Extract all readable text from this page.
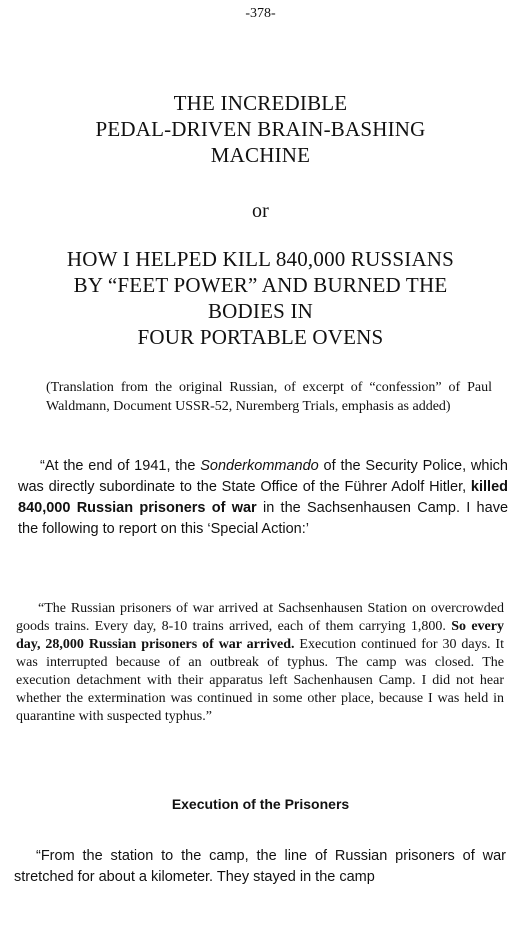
-378-
THE INCREDIBLE
PEDAL-DRIVEN BRAIN-BASHING
MACHINE
or
HOW I HELPED KILL 840,000 RUSSIANS
BY “FEET POWER” AND BURNED THE
BODIES IN
FOUR PORTABLE OVENS
(Translation from the original Russian, of excerpt of “confession” of Paul Waldmann, Document USSR-52, Nuremberg Trials, emphasis as added)
“At the end of 1941, the Sonderkommando of the Security Police, which was directly subordinate to the State Office of the Führer Adolf Hitler, killed 840,000 Russian prisoners of war in the Sachsenhausen Camp. I have the following to report on this ‘Special Action:’
“The Russian prisoners of war arrived at Sachsenhausen Station on overcrowded goods trains. Every day, 8-10 trains arrived, each of them carrying 1,800. So every day, 28,000 Russian prisoners of war arrived. Execution continued for 30 days. It was interrupted because of an outbreak of typhus. The camp was closed. The execution detachment with their apparatus left Sachenhausen Camp. I did not hear whether the extermination was continued in some other place, because I was held in quarantine with suspected typhus.”
Execution of the Prisoners
“From the station to the camp, the line of Russian prisoners of war stretched for about a kilometer. They stayed in the camp
